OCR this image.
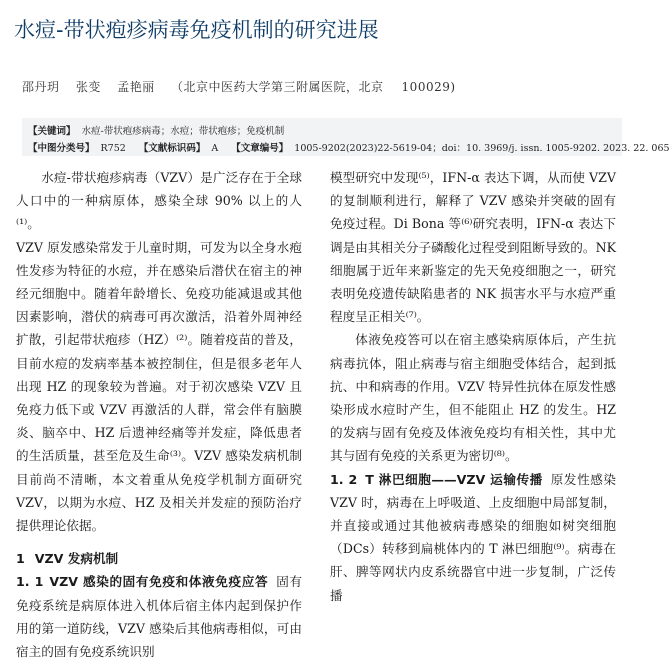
水痘-带状疱疹病毒免疫机制的研究进展
邵丹玥 张变 孟艳丽 （北京中医药大学第三附属医院，北京 100029)
【关键词】 水痘-带状疱疹病毒；水痘；带状疱疹；免疫机制
【中图分类号】 R752 【文献标识码】 A 【文章编号】 1005-9202(2023)22-5619-04；doi：10. 3969/j. issn. 1005-9202. 2023. 22. 065

水痘-带状疱疹病毒（VZV）是广泛存在于全球人口中的一种病原体，感染全球 90% 以上的人⁽¹⁾。

VZV 原发感染常发于儿童时期，可发为以全身水疱性发疹为特征的水痘，并在感染后潜伏在宿主的神经元细胞中。随着年龄增长、免疫功能减退或其他因素影响，潜伏的病毒可再次激活，沿着外周神经扩散，引起带状疱疹（HZ）⁽²⁾。随着疫苗的普及，目前水痘的发病率基本被控制住，但是很多老年人出现 HZ 的现象较为普遍。对于初次感染 VZV 且免疫力低下或 VZV 再激活的人群，常会伴有脑膜炎、脑卒中、HZ 后遗神经痛等并发症，降低患者的生活质量，甚至危及生命⁽³⁾。VZV 感染发病机制目前尚不清晰，本文着重从免疫学机制方面研究 VZV，以期为水痘、HZ 及相关并发症的预防治疗提供理论依据。

1 VZV 发病机制

1. 1 VZV 感染的固有免疫和体液免疫应答 固有免疫系统是病原体进入机体后宿主体内起到保护作用的第一道防线，VZV 感染后其他病毒相似，可由宿主的固有免疫系统识别

模型研究中发现⁽⁵⁾，IFN-α 表达下调，从而使 VZV 的复制顺利进行，解释了 VZV 感染并突破的固有免疫过程。Di Bona 等⁽⁶⁾研究表明，IFN-α 表达下调是由其相关分子磷酸化过程受到阻断导致的。NK 细胞属于近年来新鉴定的先天免疫细胞之一，研究表明免疫遗传缺陷患者的 NK 损害水平与水痘严重程度呈正相关⁽⁷⁾。

体液免疫答可以在宿主感染病原体后，产生抗病毒抗体，阻止病毒与宿主细胞受体结合，起到抵抗、中和病毒的作用。VZV 特异性抗体在原发性感染形成水痘时产生，但不能阻止 HZ 的发生。HZ 的发病与固有免疫及体液免疫均有相关性，其中尤其与固有免疫的关系更为密切⁽⁸⁾。

1. 2 T 淋巴细胞——VZV 运输传播 原发性感染 VZV 时，病毒在上呼吸道、上皮细胞中局部复制，并直接或通过其他被病毒感染的细胞如树突细胞（DCs）转移到扁桃体内的 T 淋巴细胞⁽⁹⁾。病毒在肝、脾等网状内皮系统器官中进一步复制，广泛传播
